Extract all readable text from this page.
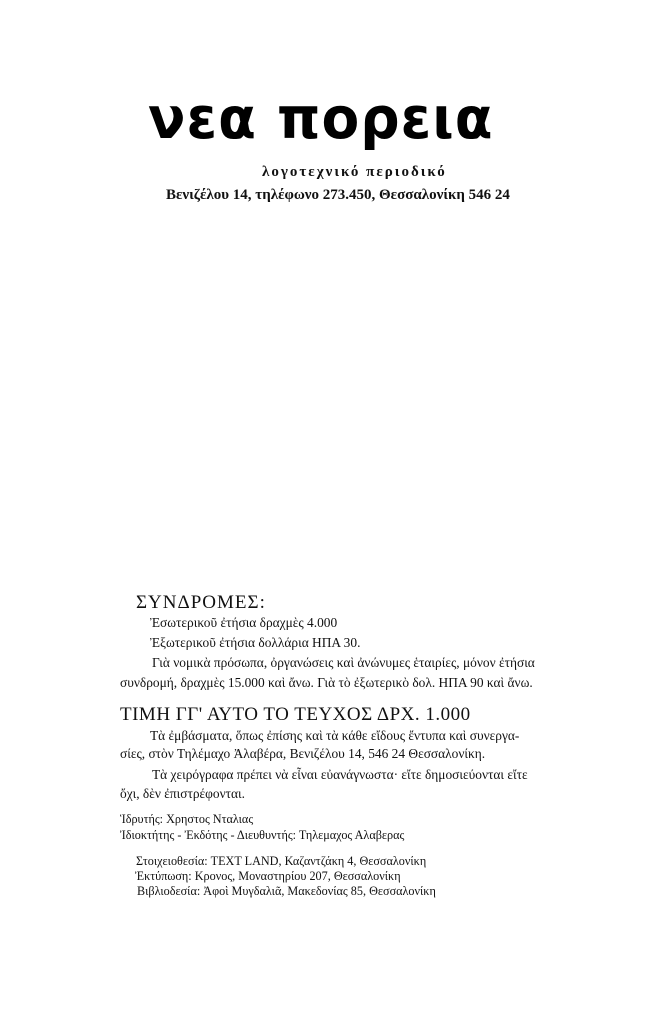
νεα πορεια
λογοτεχνικό περιοδικό
Βενιζέλου 14, τηλέφωνο 273.450, Θεσσαλονίκη 546 24
ΣΥΝΔΡΟΜΕΣ:
Ἐσωτερικοῦ ἐτήσια δραχμὲς 4.000
Ἐξωτερικοῦ ἐτήσια δολλάρια ΗΠΑ 30.
Γιὰ νομικὰ πρόσωπα, ὀργανώσεις καὶ ἀνώνυμες ἑταιρίες, μόνον ἐτήσια
συνδρομή, δραχμὲς 15.000 καὶ ἄνω. Γιὰ τὸ ἐξωτερικὸ δολ. ΗΠΑ 90 καὶ ἄνω.
ΤΙΜΗ ΓΓ' ΑΥΤΟ ΤΟ ΤΕΥΧΟΣ ΔΡΧ. 1.000
Τὰ ἐμβάσματα, ὅπως ἐπίσης καὶ τὰ κάθε εἴδους ἔντυπα καὶ συνεργα-
σίες, στὸν Τηλέμαχο Ἀλαβέρα, Βενιζέλου 14, 546 24 Θεσσαλονίκη.
Τὰ χειρόγραφα πρέπει νὰ εἶναι εὐανάγνωστα· εἴτε δημοσιεύονται εἴτε
ὄχι, δὲν ἐπιστρέφονται.
Ἱδρυτής: Χρηστος Νταλιας
Ἰδιοκτήτης - Ἐκδότης - Διευθυντής: Τηλεμαχος Αλαβερας
Στοιχειοθεσία: TEXT LAND, Καζαντζάκη 4, Θεσσαλονίκη
Ἐκτύπωση: Κρονος, Μοναστηρίου 207, Θεσσαλονίκη
Βιβλιοδεσία: Ἀφοὶ Μυγδαλιᾶ, Μακεδονίας 85, Θεσσαλονίκη
